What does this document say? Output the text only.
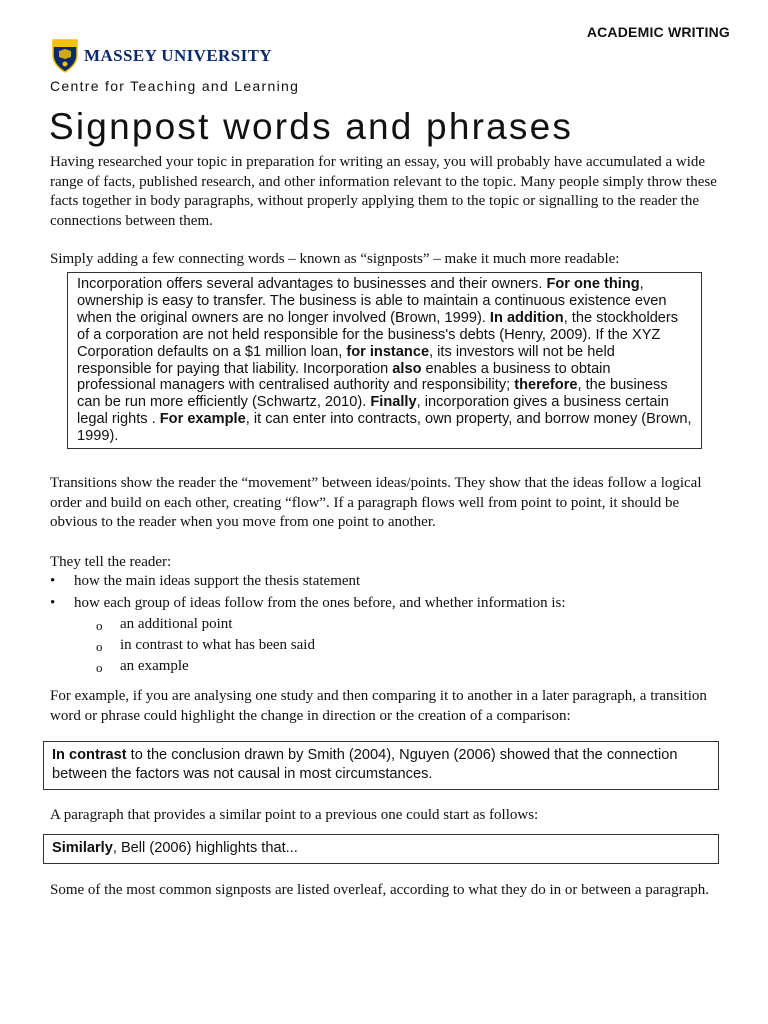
ACADEMIC WRITING
MASSEY UNIVERSITY
Centre for Teaching and Learning
Signpost words and phrases
Having researched your topic in preparation for writing an essay, you will probably have accumulated a wide range of facts, published research, and other information relevant to the topic. Many people simply throw these facts together in body paragraphs, without properly applying them to the topic or signalling to the reader the connections between them.
Simply adding a few connecting words – known as “signposts” – make it much more readable:
Incorporation offers several advantages to businesses and their owners. For one thing, ownership is easy to transfer. The business is able to maintain a continuous existence even when the original owners are no longer involved (Brown, 1999). In addition, the stockholders of a corporation are not held responsible for the business's debts (Henry, 2009). If the XYZ Corporation defaults on a $1 million loan, for instance, its investors will not be held responsible for paying that liability. Incorporation also enables a business to obtain professional managers with centralised authority and responsibility; therefore, the business can be run more efficiently (Schwartz, 2010). Finally, incorporation gives a business certain legal rights . For example, it can enter into contracts, own property, and borrow money (Brown, 1999).
Transitions show the reader the “movement” between ideas/points. They show that the ideas follow a logical order and build on each other, creating “flow”. If a paragraph flows well from point to point, it should be obvious to the reader when you move from one point to another.
They tell the reader:
• how the main ideas support the thesis statement
• how each group of ideas follow from the ones before, and whether information is:
o an additional point
o in contrast to what has been said
o an example
For example, if you are analysing one study and then comparing it to another in a later paragraph, a transition word or phrase could highlight the change in direction or the creation of a comparison:
In contrast to the conclusion drawn by Smith (2004), Nguyen (2006) showed that the connection between the factors was not causal in most circumstances.
A paragraph that provides a similar point to a previous one could start as follows:
Similarly, Bell (2006) highlights that...
Some of the most common signposts are listed overleaf, according to what they do in or between a paragraph.
